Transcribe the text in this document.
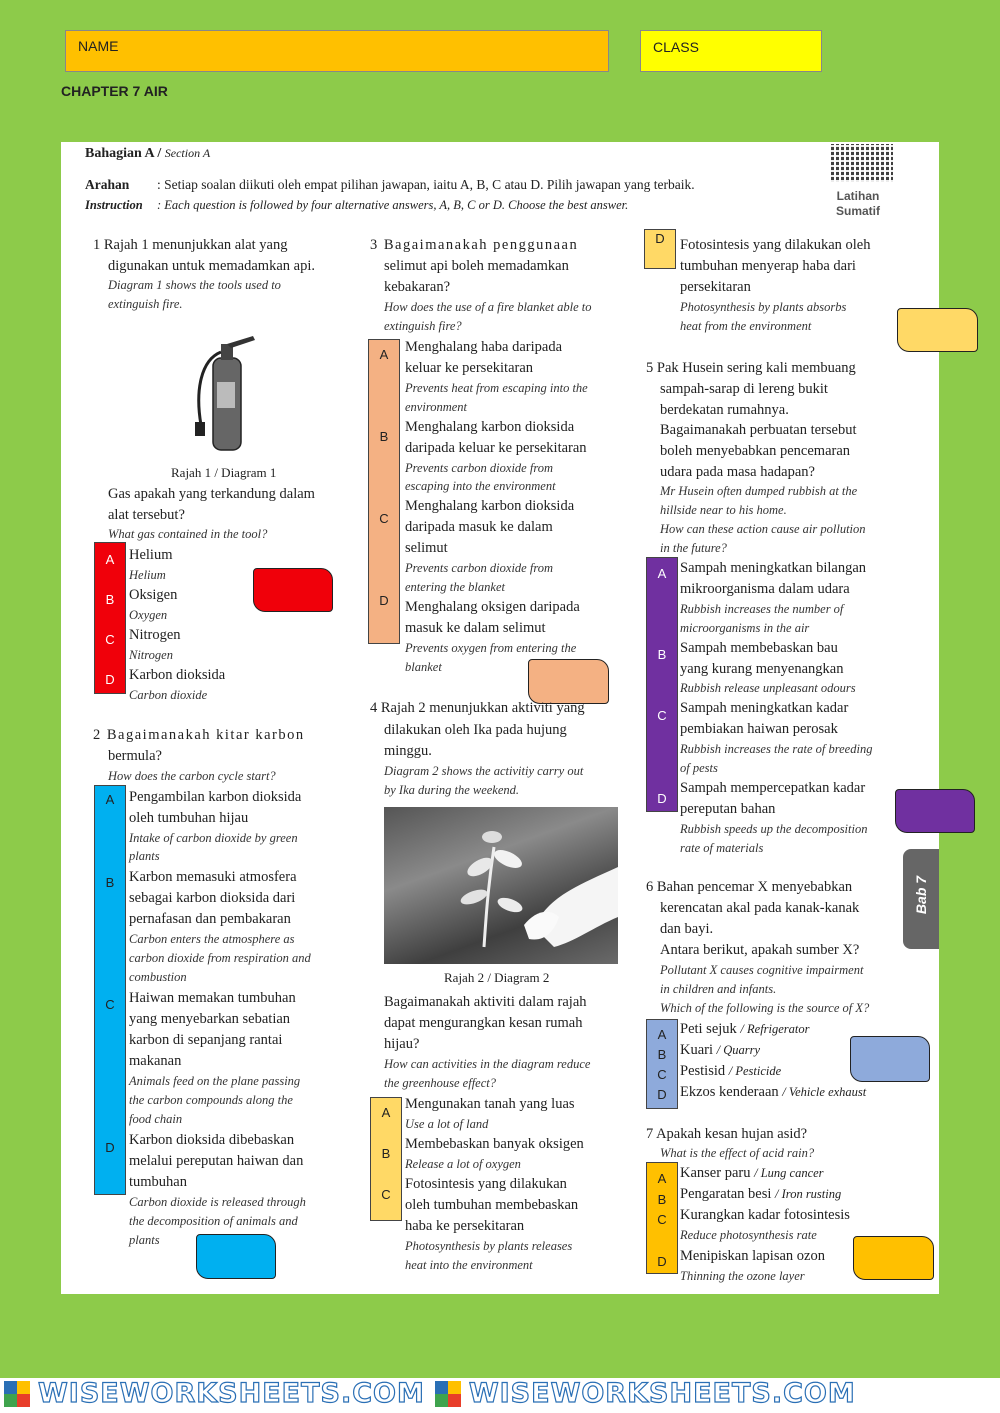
NAME	CLASS
CHAPTER 7 AIR
Bahagian A / Section A
Arahan : Setiap soalan diikuti oleh empat pilihan jawapan, iaitu A, B, C atau D. Pilih jawapan yang terbaik.
Instruction : Each question is followed by four alternative answers, A, B, C or D. Choose the best answer.
Latihan
Sumatif
1 Rajah 1 menunjukkan alat yang
digunakan untuk memadamkan api.
Diagram 1 shows the tools used to
extinguish fire.
Rajah 1 / Diagram 1
Gas apakah yang terkandung dalam
alat tersebut?
What gas contained in the tool?
A
B
C
D
Helium
Helium
Oksigen
Oxygen
Nitrogen
Nitrogen
Karbon dioksida
Carbon dioxide
2 Bagaimanakah kitar karbon
bermula?
How does the carbon cycle start?
A
B
C
D
Pengambilan karbon dioksida
oleh tumbuhan hijau
Intake of carbon dioxide by green
plants
Karbon memasuki atmosfera
sebagai karbon dioksida dari
pernafasan dan pembakaran
Carbon enters the atmosphere as
carbon dioxide from respiration and
combustion
Haiwan memakan tumbuhan
yang menyebarkan sebatian
karbon di sepanjang rantai
makanan
Animals feed on the plane passing
the carbon compounds along the
food chain
Karbon dioksida dibebaskan
melalui pereputan haiwan dan
tumbuhan
Carbon dioxide is released through
the decomposition of animals and
plants
3 Bagaimanakah penggunaan
selimut api boleh memadamkan
kebakaran?
How does the use of a fire blanket able to
extinguish fire?
A
B
C
D
Menghalang haba daripada
keluar ke persekitaran
Prevents heat from escaping into the
environment
Menghalang karbon dioksida
daripada keluar ke persekitaran
Prevents carbon dioxide from
escaping into the environment
Menghalang karbon dioksida
daripada masuk ke dalam
selimut
Prevents carbon dioxide from
entering the blanket
Menghalang oksigen daripada
masuk ke dalam selimut
Prevents oxygen from entering the
blanket
4 Rajah 2 menunjukkan aktiviti yang
dilakukan oleh Ika pada hujung
minggu.
Diagram 2 shows the activitiy carry out
by Ika during the weekend.
Rajah 2 / Diagram 2
Bagaimanakah aktiviti dalam rajah
dapat mengurangkan kesan rumah
hijau?
How can activities in the diagram reduce
the greenhouse effect?
A
B
C
Mengunakan tanah yang luas
Use a lot of land
Membebaskan banyak oksigen
Release a lot of oxygen
Fotosintesis yang dilakukan
oleh tumbuhan membebaskan
haba ke persekitaran
Photosynthesis by plants releases
heat into the environment
D	Fotosintesis yang dilakukan oleh
tumbuhan menyerap haba dari
persekitaran
Photosynthesis by plants absorbs
heat from the environment
5 Pak Husein sering kali membuang
sampah-sarap di lereng bukit
berdekatan rumahnya.
Bagaimanakah perbuatan tersebut
boleh menyebabkan pencemaran
udara pada masa hadapan?
Mr Husein often dumped rubbish at the
hillside near to his home.
How can these action cause air pollution
in the future?
A
B
C
D
Sampah meningkatkan bilangan
mikroorganisma dalam udara
Rubbish increases the number of
microorganisms in the air
Sampah membebaskan bau
yang kurang menyenangkan
Rubbish release unpleasant odours
Sampah meningkatkan kadar
pembiakan haiwan perosak
Rubbish increases the rate of breeding
of pests
Sampah mempercepatkan kadar
pereputan bahan
Rubbish speeds up the decomposition
rate of materials
6 Bahan pencemar X menyebabkan
kerencatan akal pada kanak-kanak
dan bayi.
Antara berikut, apakah sumber X?
Pollutant X causes cognitive impairment
in children and infants.
Which of the following is the source of X?
A
B
C
D
Peti sejuk / Refrigerator
Kuari / Quarry
Pestisid / Pesticide
Ekzos kenderaan / Vehicle exhaust
7 Apakah kesan hujan asid?
What is the effect of acid rain?
A
B
C
D
Kanser paru / Lung cancer
Pengaratan besi / Iron rusting
Kurangkan kadar fotosintesis
Reduce photosynthesis rate
Menipiskan lapisan ozon
Thinning the ozone layer
Bab 7
WISEWORKSHEETS.COM WISEWORKSHEETS.COM
